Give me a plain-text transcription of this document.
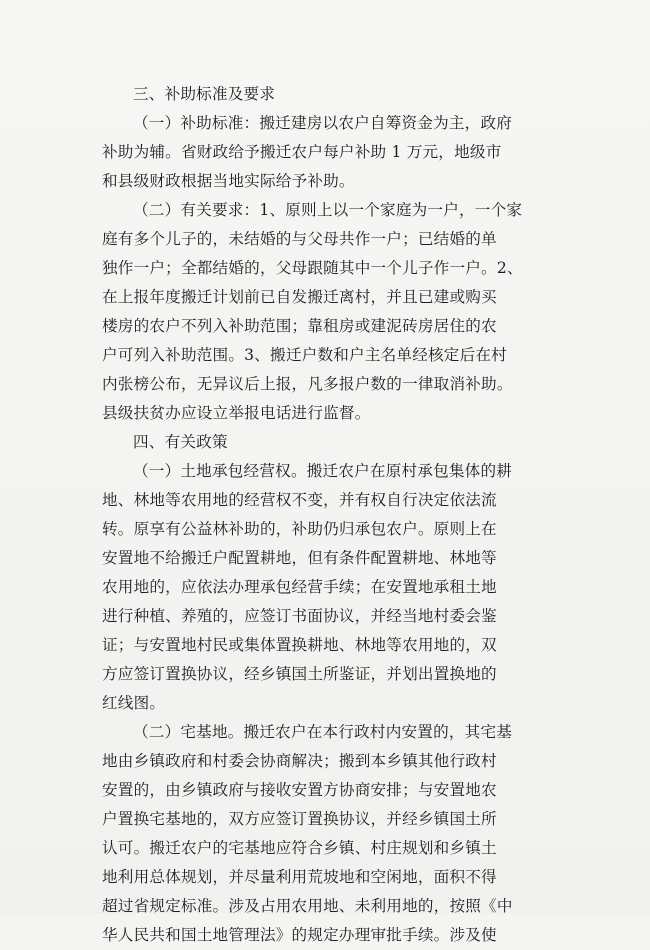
三、补助标准及要求
（一）补助标准：搬迁建房以农户自筹资金为主，政府
补助为辅。省财政给予搬迁农户每户补助 1 万元，地级市
和县级财政根据当地实际给予补助。
（二）有关要求：1、原则上以一个家庭为一户，一个家
庭有多个儿子的，未结婚的与父母共作一户；已结婚的单
独作一户；全都结婚的，父母跟随其中一个儿子作一户。2、
在上报年度搬迁计划前已自发搬迁离村，并且已建或购买
楼房的农户不列入补助范围；靠租房或建泥砖房居住的农
户可列入补助范围。3、搬迁户数和户主名单经核定后在村
内张榜公布，无异议后上报，凡多报户数的一律取消补助。
县级扶贫办应设立举报电话进行监督。
四、有关政策
（一）土地承包经营权。搬迁农户在原村承包集体的耕
地、林地等农用地的经营权不变，并有权自行决定依法流
转。原享有公益林补助的，补助仍归承包农户。原则上在
安置地不给搬迁户配置耕地，但有条件配置耕地、林地等
农用地的，应依法办理承包经营手续；在安置地承租土地
进行种植、养殖的，应签订书面协议，并经当地村委会鉴
证；与安置地村民或集体置换耕地、林地等农用地的，双
方应签订置换协议，经乡镇国土所鉴证，并划出置换地的
红线图。
（二）宅基地。搬迁农户在本行政村内安置的，其宅基
地由乡镇政府和村委会协商解决；搬到本乡镇其他行政村
安置的，由乡镇政府与接收安置方协商安排；与安置地农
户置换宅基地的，双方应签订置换协议，并经乡镇国土所
认可。搬迁农户的宅基地应符合乡镇、村庄规划和乡镇土
地利用总体规划，并尽量利用荒坡地和空闲地，面积不得
超过省规定标准。涉及占用农用地、未利用地的，按照《中
华人民共和国土地管理法》的规定办理审批手续。涉及使
